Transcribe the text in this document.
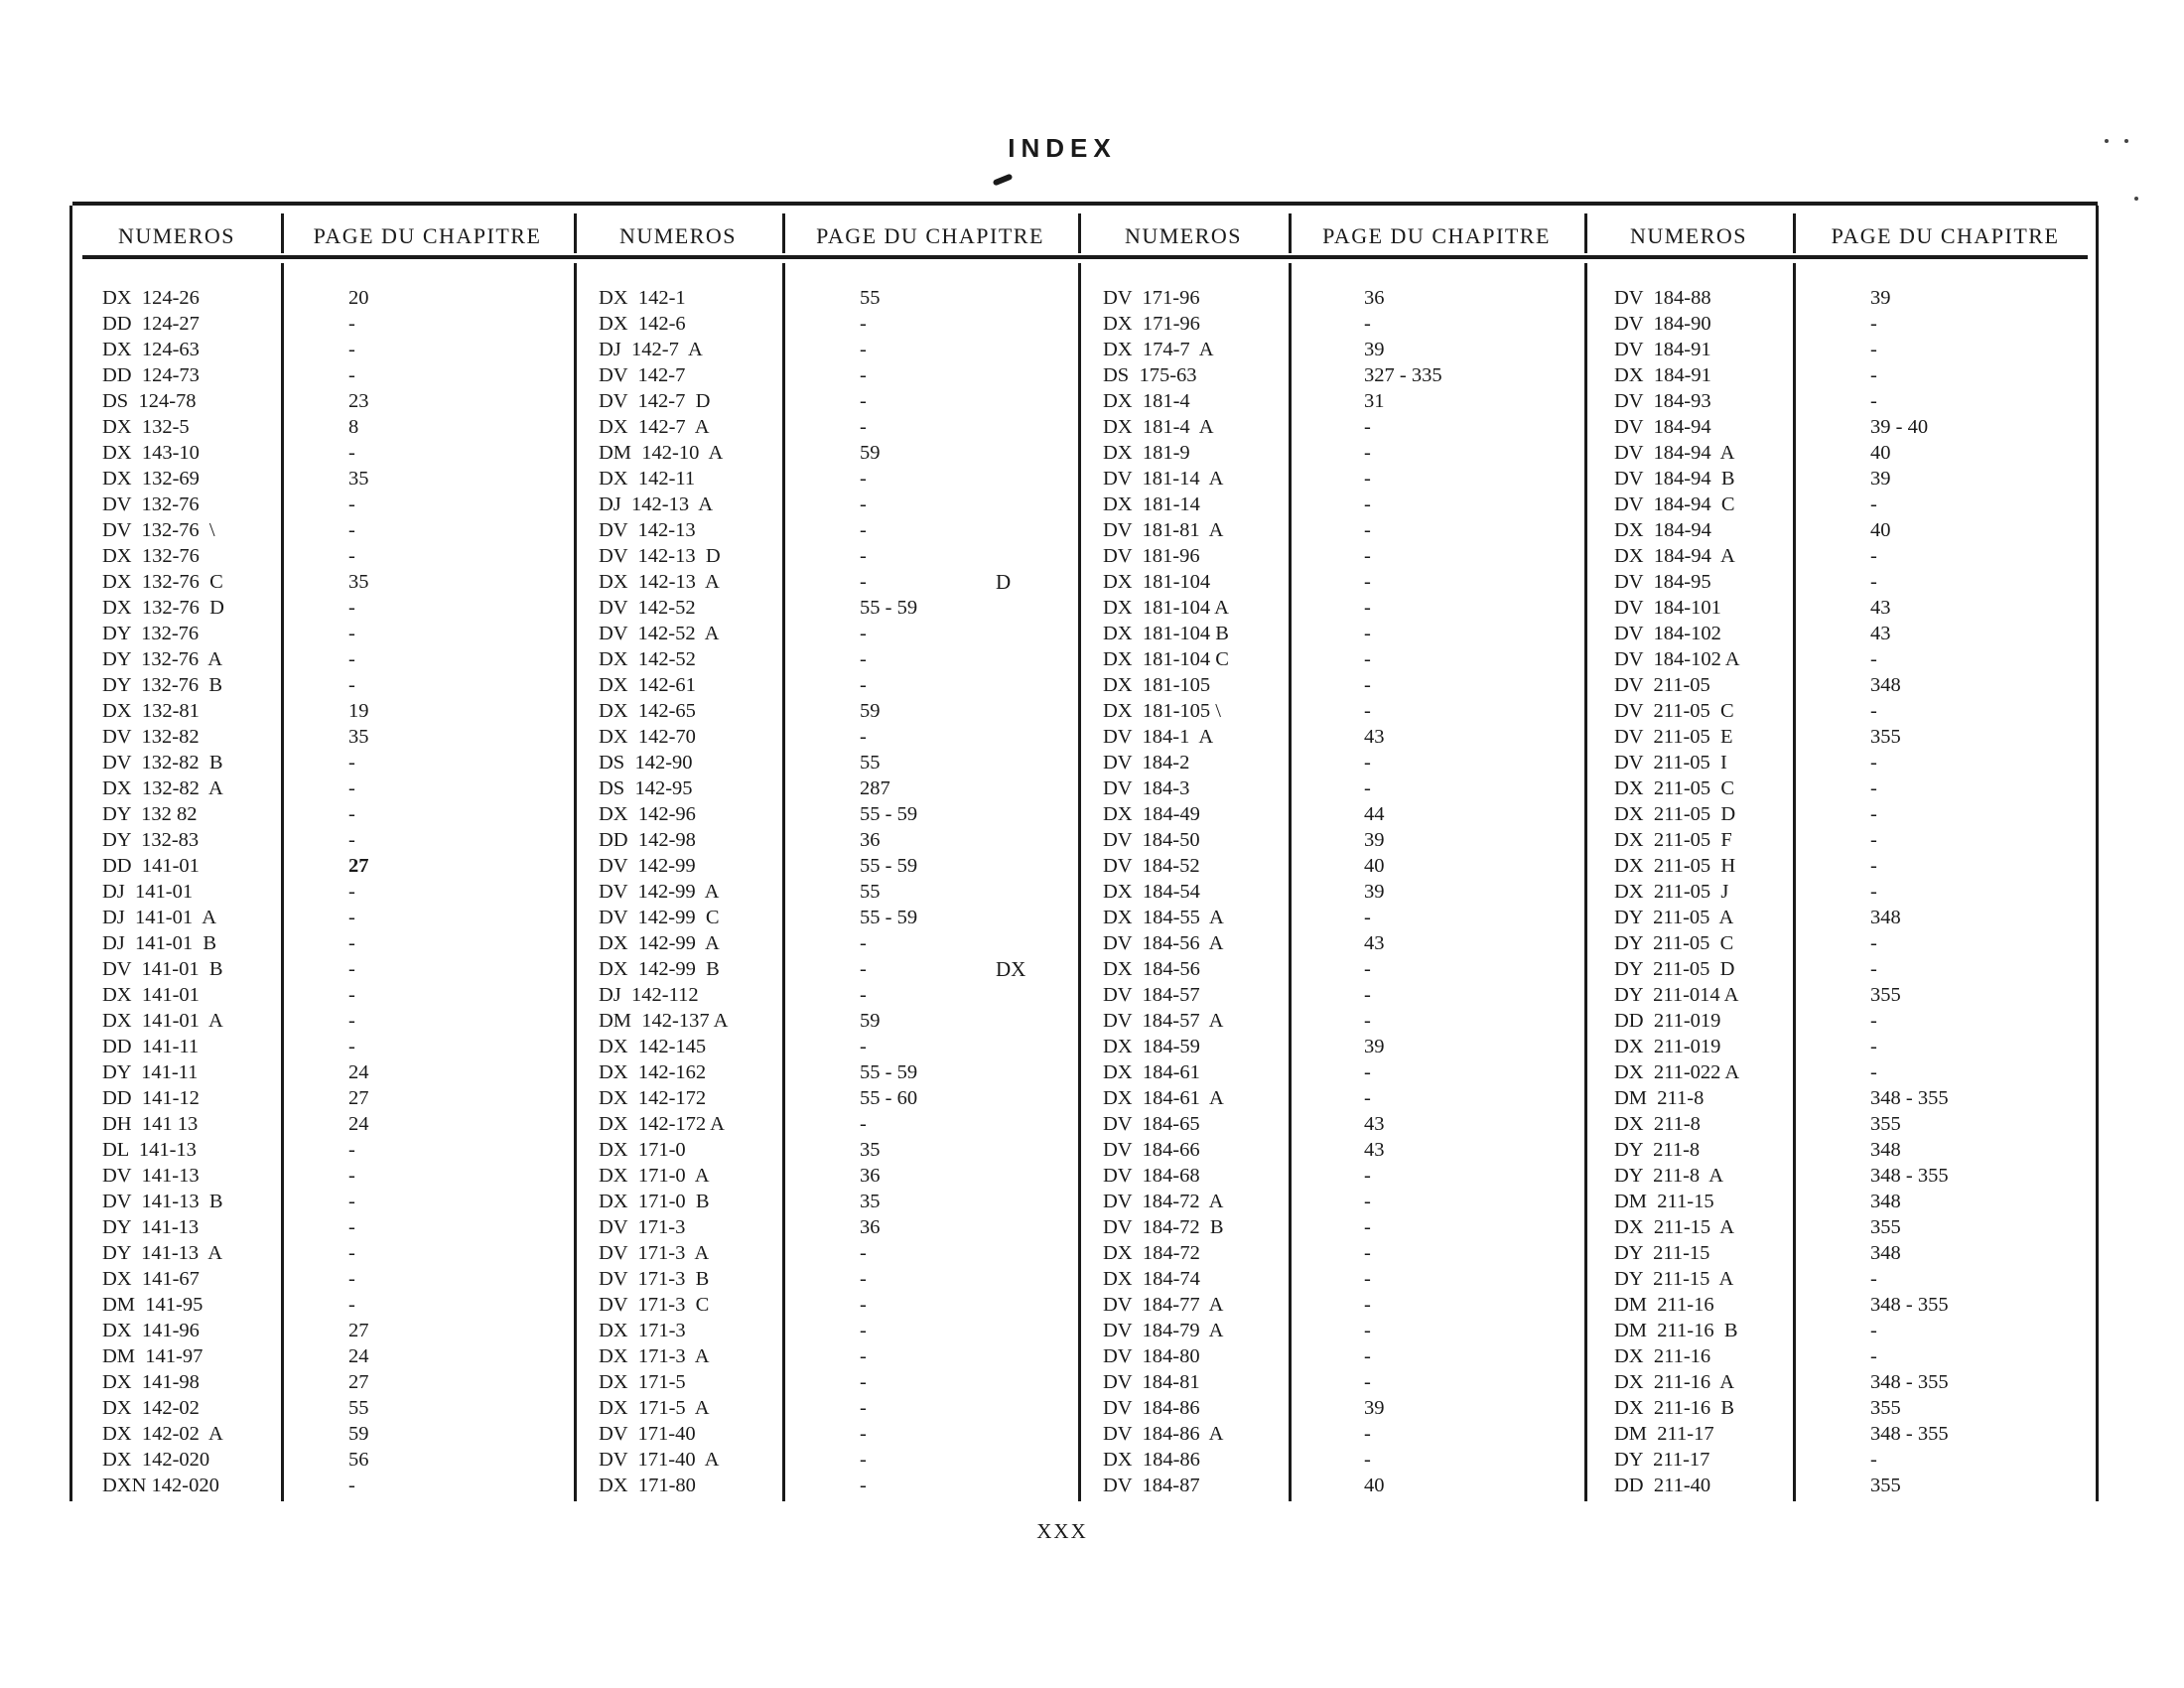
INDEX
NUMEROS	PAGE DU CHAPITRE	NUMEROS	PAGE DU CHAPITRE	NUMEROS	PAGE DU CHAPITRE	NUMEROS	PAGE DU CHAPITRE
DX  124-26	20
DD  124-27	-
DX  124-63	-
DD  124-73	-
DS  124-78	23
DX  132-5	8
DX  143-10	-
DX  132-69	35
DV  132-76	-
DV  132-76  \	-
DX  132-76	-
DX  132-76  C	35
DX  132-76  D	-
DY  132-76	-
DY  132-76  A	-
DY  132-76  B	-
DX  132-81	19
DV  132-82	35
DV  132-82  B	-
DX  132-82  A	-
DY  132 82	-
DY  132-83	-
DD  141-01	27
DJ  141-01	-
DJ  141-01  A	-
DJ  141-01  B	-
DV  141-01  B	-
DX  141-01	-
DX  141-01  A	-
DD  141-11	-
DY  141-11	24
DD  141-12	27
DH  141 13	24
DL  141-13	-
DV  141-13	-
DV  141-13  B	-
DY  141-13	-
DY  141-13  A	-
DX  141-67	-
DM  141-95	-
DX  141-96	27
DM  141-97	24
DX  141-98	27
DX  142-02	55
DX  142-02  A	59
DX  142-020	56
DXN 142-020	-
DX  142-1	55
DX  142-6	-
DJ  142-7  A	-
DV  142-7	-
DV  142-7  D	-
DX  142-7  A	-
DM  142-10  A	59
DX  142-11	-
DJ  142-13  A	-
DV  142-13	-
DV  142-13  D	-
DX  142-13  A	-	D
DV  142-52	55 - 59
DV  142-52  A	-
DX  142-52	-
DX  142-61	-
DX  142-65	59
DX  142-70	-
DS  142-90	55
DS  142-95	287
DX  142-96	55 - 59
DD  142-98	36
DV  142-99	55 - 59
DV  142-99  A	55
DV  142-99  C	55 - 59
DX  142-99  A	-
DX  142-99  B	-	DX
DJ  142-112	-
DM  142-137 A	59
DX  142-145	-
DX  142-162	55 - 59
DX  142-172	55 - 60
DX  142-172 A	-
DX  171-0	35
DX  171-0  A	36
DX  171-0  B	35
DV  171-3	36
DV  171-3  A	-
DV  171-3  B	-
DV  171-3  C	-
DX  171-3	-
DX  171-3  A	-
DX  171-5	-
DX  171-5  A	-
DV  171-40	-
DV  171-40  A	-
DX  171-80	-
DV  171-96	36
DX  171-96	-
DX  174-7  A	39
DS  175-63	327 - 335
DX  181-4	31
DX  181-4  A	-
DX  181-9	-
DV  181-14  A	-
DX  181-14	-
DV  181-81  A	-
DV  181-96	-
DX  181-104	-
DX  181-104 A	-
DX  181-104 B	-
DX  181-104 C	-
DX  181-105	-
DX  181-105 \	-
DV  184-1  A	43
DV  184-2	-
DV  184-3	-
DX  184-49	44
DV  184-50	39
DV  184-52	40
DX  184-54	39
DX  184-55  A	-
DV  184-56  A	43
DX  184-56	-
DV  184-57	-
DV  184-57  A	-
DX  184-59	39
DX  184-61	-
DX  184-61  A	-
DV  184-65	43
DV  184-66	43
DV  184-68	-
DV  184-72  A	-
DV  184-72  B	-
DX  184-72	-
DX  184-74	-
DV  184-77  A	-
DV  184-79  A	-
DV  184-80	-
DV  184-81	-
DV  184-86	39
DV  184-86  A	-
DX  184-86	-
DV  184-87	40
DV  184-88	39
DV  184-90	-
DV  184-91	-
DX  184-91	-
DV  184-93	-
DV  184-94	39 - 40
DV  184-94  A	40
DV  184-94  B	39
DV  184-94  C	-
DX  184-94	40
DX  184-94  A	-
DV  184-95	-
DV  184-101	43
DV  184-102	43
DV  184-102 A	-
DV  211-05	348
DV  211-05  C	-
DV  211-05  E	355
DV  211-05  I	-
DX  211-05  C	-
DX  211-05  D	-
DX  211-05  F	-
DX  211-05  H	-
DX  211-05  J	-
DY  211-05  A	348
DY  211-05  C	-
DY  211-05  D	-
DY  211-014 A	355
DD  211-019	-
DX  211-019	-
DX  211-022 A	-
DM  211-8	348 - 355
DX  211-8	355
DY  211-8	348
DY  211-8  A	348 - 355
DM  211-15	348
DX  211-15  A	355
DY  211-15	348
DY  211-15  A	-
DM  211-16	348 - 355
DM  211-16  B	-
DX  211-16	-
DX  211-16  A	348 - 355
DX  211-16  B	355
DM  211-17	348 - 355
DY  211-17	-
DD  211-40	355
XXX
